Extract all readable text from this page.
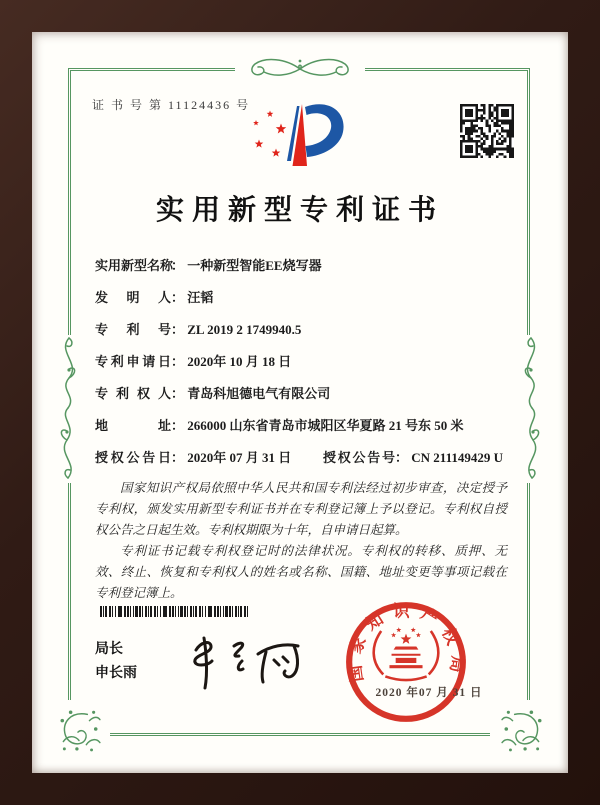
证 书 号 第 11124436 号
实用新型专利证书
实用新型名称： 一种新型智能EE烧写器
发明人： 汪韬
专利号： ZL 2019 2 1749940.5
专利申请日： 2020年 10 月 18 日
专利权人： 青岛科旭德电气有限公司
地址： 266000 山东省青岛市城阳区华夏路 21 号东 50 米
授权公告日： 2020年 07 月 31 日 授权公告号： CN 211149429 U

国家知识产权局依照中华人民共和国专利法经过初步审查，决定授予专利权，颁发实用新型专利证书并在专利登记簿上予以登记。专利权自授权公告之日起生效。专利权期限为十年，自申请日起算。

专利证书记载专利权登记时的法律状况。专利权的转移、质押、无效、终止、恢复和专利权人的姓名或名称、国籍、地址变更等事项记载在专利登记簿上。

局长
申长雨	国家知识产权局
2020 年07 月 31 日
